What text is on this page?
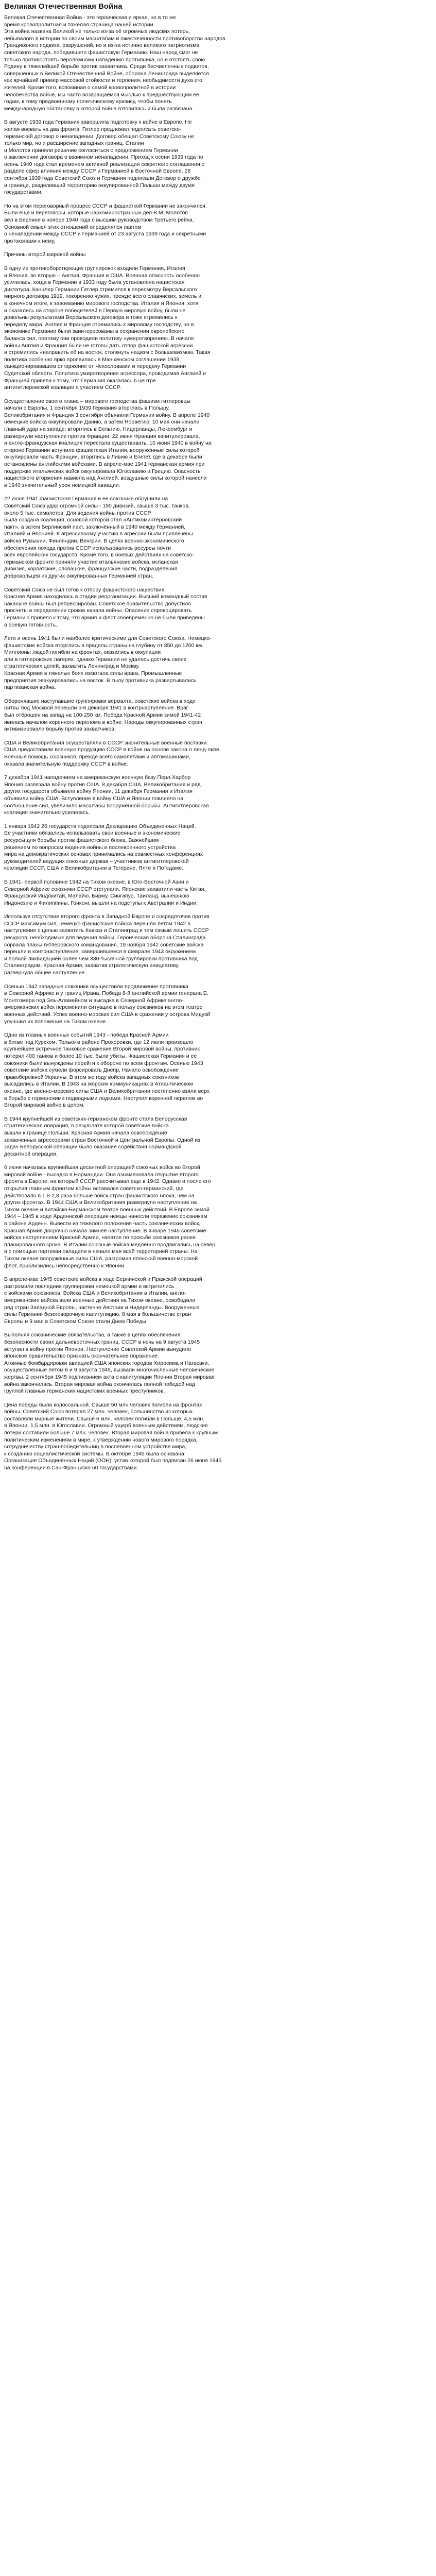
Великая Отечественная Война

Великая Отечественная Война - это героическая и яркая, но в то же
время кровопролитная и тяжёлая страница нашей истории.
Эта война названа Великой не только из-за её огромных людских потерь,
небывалого в истории по своим масштабам и ожесточённости противоборства народов.
Грандиозного подвига, разрушений, но и из-за истинно великого патриотизма
советского народа, победившего фашистскую Германию. Наш народ смог не
только противостоять вероломному нападению противника, но и отстоять свою
Родину в тяжелейшей борьбе против захватчика. Среди бесчисленных подвигов,
совершённых в Великой Отечественной Войне, оборона Ленинграда выделяется
как ярчайший пример массовой стойкости и терпения, необыдимости духа его
жителей. Кроме того, вспоминая о самой кровопролитной в истории
человечества войне, мы часто возвращаемся мыслью к предшествующим её
годам, к тому предвоенному политическому кризису, чтобы понять
международную обстановку в которой война готовилась и была развязана.

В августе 1939 года Германия завершила подготовку к войне в Европе. Не
желая воевать на два фронта, Гитлер предложил подписать советско-
германский договор о ненападении. Договор обещал Советскому Союзу не
только мир, но и расширение западных границ. Сталин
и Молотов приняли решение согласиться с предложением Германии
о заключении договора о взаимном ненападении. Приход к осени 1939 года по
осень 1940 года стал временем активной реализации секретного соглашения о
разделе сфер влияния между СССР и Германией в Восточной Европе. 28
сентября 1939 года Советский Союз и Германия подписали Договор о дружбе
и границе, разделивший территорию оккупированной Польши между двумя
государствами.

Но на этом переговорный процесс СССР и фашисткой Германии не закончился.
Были ещё и переговоры, которые наркоминостранных дел В.М. Молотов
вёл в Берлине в ноябре 1940 года с высшим руководством Третьего рейха.
Основной смысл этих отношений определялся пактом
о ненападении между СССР и Германией от 23 августа 1939 года и секретными
протоколами к нему.

Причины второй мировой войны

В одну из противоборствующих группировок входили Германия, Италия
и Япония, во вторую – Англия, Франция и США. Военная опасность особенно
усилилась, когда в Германии в 1933 году была установлена нацистская
диктатура. Канцлер Германии Гитлер стремился к пересмотру Версальского
мирного договора 1919, покорению чужих, прежде всего славянских, земель и,
в конечном итоге, к завоеванию мирового господства. Италия и Япония, хотя
и оказались на стороне победителей в Первую мировую войну, были не
довольны результатами Версальского договора и тоже стремились к
переделу мира. Англия и Франция стремились к мировому господству, но в
экономике Германии были заинтересованы в сохранении европейского
баланса сил, поэтому они проводили политику «умиротворения». В начале
войны Англия и Франция были не готовы дать отпор фашистской агрессии
и стремились «направить её на восток, столкнуть нацизм с большевизмом. Такая
политика особенно ярко проявилась в Мюнхенском соглашении 1938,
санкционировавшем отторжение от Чехословакии и передачу Германии
Судетской области. Политика умиротворения агрессора, проводимая Англией и
Францией привела к тому, что Германия оказалась в центре
антигитлеровской коалиции с участием СССР.

Осуществление своего плана – мирового господства фашизм гитлеровцы
начали с Европы. 1 сентября 1939 Германия вторглась в Польшу.
Великобритания и Франция 3 сентября объявили Германии войну. В апреле 1940
немецкие войска оккупировали Данию, а затем Норвегию. 10 мая они начали
главный удар на западе: вторглись в Бельгию, Нидерланды, Люксембург и
развернули наступление против Франции. 22 июня Франция капитулировала,
и англо-французская коалиция перестала существовать. 10 июня 1940 в войну на
стороне Германии вступила фашистская Италия, вооружённые силы которой
оккупировали часть Франции, вторглись в Ливию и Египет, где в декабре были
остановлены английскими войсками. В апреле-мае 1941 германская армия при
поддержке итальянских войск оккупировала Югославию и Грецию. Опасность
нацистского вторжения нависла над Англией, воздушные силы которой нанесли
в 1940 значительный урон немецкой авиации.

22 июня 1941 фашистская Германия и ее союзники обрушили на
Советский Союз удар огромной силы - 190 дивизий, свыше 3 тыс. танков,
около 5 тыс. самолетов. Для ведения войны против СССР
была создана коалиция, основой которой стал «Антикоминтерновский
пакт», а затем Берлинский пакт, заключённый в 1940 между Германией,
Италией и Японией. К агрессивному участию в агрессии были привлечены
войска Румынии, Финляндии, Венгрии. В целях военно-экономического
обеспечения похода против СССР использовались ресурсы почти
всех европейских государств. Кроме того, в боевых действиях на советско-
германском фронте приняли участие итальянские войска, испанская
дивизия, хорватские, словацкие, французские части, подразделения
добровольцев из других оккупированных Германией стран.

Советский Союз не был готов к отпору фашистского нашествия.
Красная Армия находилась в стадии реорганизации. Высший командный состав
накануне войны был репрессирован. Советское правительство допустило
просчеты в определении сроков начала войны. Опасение спровоцировать
Германию привело к тому, что армия и флот своевременно не были приведены
в боевую готовность.

Лето и осень 1941 были наиболее критическими для Советского Союза. Немецко-
фашистские войска вторглись в пределы страны на глубину от 850 до 1200 км.
Миллионы людей погибли на фронтах, оказались в оккупации
или в гитлеровских лагерях. однако Германии не удалось достичь своих
стратегических целей, захватить Ленинград и Москву.
Красная Армия в тяжелых боях измотала силы врага. Промышленные
предприятия эвакуировались на восток. В тылу противника развертывались
партизанская война.

Оборонявшие наступавшие группировки вермахта, советские войска в ходе
битвы под Москвой перешли 5-6 декабря 1941 в контрнаступление. Враг
был отброшен на запад на 100-250 км. Победа Красной Армии зимой 1941-42
явилась началом коренного перелома в войне. Народы оккупированных стран
активизировали борьбу против захватчиков.

США и Великобритания осуществляли в СССР значительные военные поставки.
США предоставили военную продукцию СССР в войне на основе закона о ленд-лизе.
Военные помощь союзников, прежде всего самолётами и автомашинами,
оказала значительную поддержку СССР в войне.

7 декабря 1941 нападением на американскую военную базу Перл-Харбор
Япония развязала войну против США. 8 декабря США, Великобритания и ряд
других государств объявили войну Японии, 11 декабря Германия и Италия
объявили войну США. Вступление в войну США и Японии повлияло на
соотношение сил, увеличило масштабы вооружённой борьбы. Антигитлеровская
коалиция значительно усилилась.

1 января 1942 26 государств подписали Декларацию Объединенных Наций.
Ее участники обязались использовать свои военные и экономические
ресурсы для борьбы против фашистского блока. Важнейшим
решением по вопросам ведения войны и послевоенного устройства
мира на демократических основах принимались на совместных конференциях
руководителей ведущих союзных держав – участников антигитлеровской
коалиции СССР, США и Великобритании в Тегеране, Ялте и Потсдаме.

В 1941- первой половине 1942 на Тихом океане, в Юго-Восточной Азии и
Северной Африке союзники СССР отступали. Японские захватили часть Китая,
Французский Индокитай, Малайю, Бирму, Сингапур, Таиланд, нынешнюю
Индонезию и Филиппины, Гонконг, вышли на подступы к Австралии и Индии.

Используя отсутствие второго фронта в Западной Европе и сосредоточив против
СССР максимум сил, немецко-фашистские войска перешли летом 1942 в
наступление с целью захватить Кавказ и Сталинград и тем самым лишить СССР
ресурсов, необходимых для ведения войны. Героическая оборона Сталинграда
сорвала планы гитлеровского командования. 19 ноября 1942 советские войска
перешли в контрнаступление, завершившееся в феврале 1943 окружением
и полной ликвидацией более чем 330-тысячной группировки противника под
Сталинградом. Красная Армия, захватив стратегическую инициативу,
развернула общее наступление.

Осенью 1942 западные союзники осуществили продвижение противника
в Северной Африке и у границ Ирана. Победа 8-й английской армии генерала Б.
Монтгомери под Эль-Аламейном и высадка в Северной Африке англо-
американских войск переменили ситуацию в пользу союзников на этом театре
военных действий. Успех военно-морских сил США в сражении у острова Мидуэй
улучшил их положение на Тихом океане.

Одно из главных военных событий 1943 - победа Красной Армии
в битве под Курском. Только в районе Прохоровки, где 12 июля произошло
крупнейшее встречное танковое сражение Второй мировой войны, противник
потерял 400 танков и более 10 тыс. были убиты. Фашистская Германия и ее
союзники были вынуждены перейти к обороне по всем фронтам. Осенью 1943
советские войска сумели форсировать Днепр, Начало освобождение
правобережной Украины. В этом же году войска западных союзников
высадились в Италии. В 1943 на морских коммуникациях в Атлантическом
океане, где военно-морские силы США и Великобритании постепенно взяли верх
в борьбе с германскими подводными лодками. Наступил коренной перелом во
Второй мировой войне в целом.

В 1944 крупнейшей из советских-германском фронте стала Белорусская
стратегическая операция, в результате которой советские войска
вышли к границе Польши. Красная Армия начала освобождение
захваченных агрессорами стран Восточной и Центральной Европы. Одной из
задач Белорусской операции было оказание содействия нормандской
десантной операции.

6 июня началась крупнейшая десантной операцией союзных войск во Второй
мировой войне - высадка в Нормандии. Она ознаменовала открытие второго
фронта в Европе, на который СССР рассчитывал еще в 1942. Однако и после его
открытия главным фронтом войны оставался советско-германский, где
действовало в 1,8-2,8 раза больше войск стран фашистского блока, чем на
других фронтах. В 1944 США и Великобритания развернули наступление на
Тихом океане и Китайско-Бирманском театре военных действий. В Европе зимой
1944 – 1945 в ходе Арденнской операции немцы нанесли поражение союзникам
в районе Арденн. Вывести из тяжёлого положения часть союзнических войск,
Красная Армия досрочно начала зимнее наступление. В январе 1945 советские
войска наступлением Красной Армии, начатое по просьбе союзников ранее
планированного срока. В Италии союзные войска медленно продвигались на север,
и с помощью партизан овладели в начале мая всей территорией страны. На
Тихом океане вооружённые силы США, разгромив японский военно-морской
флот, приблизились непосредственно к Японии.

В апреле-мае 1945 советские войска в ходе Берлинской и Пражской операций
разгромили последние группировки немецкой армии и встретились
с войсками союзников. Войска США и Великобритании в Италии, англо-
американские войска вели военные действия на Тихом океане, освободили
ряд стран Западной Европы, частично Австрии и Нидерланды. Вооруженные
силы Германии безоговорочную капитуляцию. 8 мая в большинстве стран
Европы и 9 мая в Советском Союзе стали Днем Победы.

Выполняя союзнические обязательства, а также в целях обеспечения
безопасности своих дальневосточных границ, СССР в ночь на 9 августа 1945
вступил в войну против Японии. Наступление Советской Армии вынудило
японское правительство признать окончательное поражение.
Атомные бомбардировки авиацией США японских городов Хиросима и Нагасаки,
осуществлённые летом 6 и 9 августа 1945, вызвали многочисленные человеческие
жертвы. 2 сентября 1945 подписанием акта о капитуляции Японии Вторая мировая
война закончилась. Вторая мировая война окончилась полной победой над
группой главных германских нацистских военных преступников.

Цена победы была колоссальной. Свыше 50 млн человек погибли на фронтах
войны. Советский Союз потерял 27 млн. человек, большинство из которых
составляли мирные жители. Свыше 6 млн. человек погибли в Польше, 4,5 млн.
в Японии, 1,5 млн. в Югославии. Огромный ущерб военным действиям, людские
потери составили больше 7 млн. человек. Вторая мировая война привела к крупным
политическим изменениям в мире, к утверждению нового мирового порядка,
сотрудничеству стран-победительниц в послевоенном устройстве мира,
к созданию социалистической системы. В октябре 1945 была основана
Организация Объединённых Наций (ООН), устав которой был подписан 26 июня 1945
на конференции в Сан-Франциско 50 государствами.
